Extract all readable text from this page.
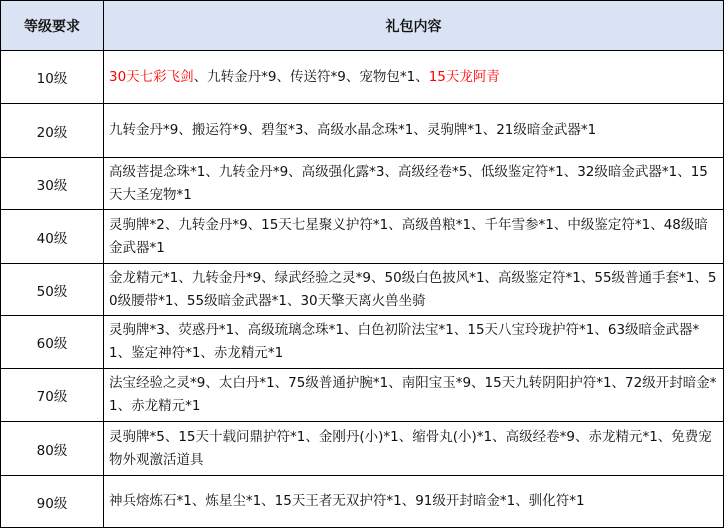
等级要求	礼包内容
10级	30天七彩飞剑、九转金丹*9、传送符*9、宠物包*1、15天龙阿青
20级	九转金丹*9、搬运符*9、碧玺*3、高级水晶念珠*1、灵驹牌*1、21级暗金武器*1
30级	高级菩提念珠*1、九转金丹*9、高级强化露*3、高级经卷*5、低级鉴定符*1、32级暗金武器*1、15天大圣宠物*1
40级	灵驹牌*2、九转金丹*9、15天七星聚义护符*1、高级兽粮*1、千年雪参*1、中级鉴定符*1、48级暗金武器*1
50级	金龙精元*1、九转金丹*9、绿武经验之灵*9、50级白色披风*1、高级鉴定符*1、55级普通手套*1、50级腰带*1、55级暗金武器*1、30天擎天离火兽坐骑
60级	灵驹牌*3、荧惑丹*1、高级琉璃念珠*1、白色初阶法宝*1、15天八宝玲珑护符*1、63级暗金武器*1、鉴定神符*1、赤龙精元*1
70级	法宝经验之灵*9、太白丹*1、75级普通护腕*1、南阳宝玉*9、15天九转阴阳护符*1、72级开封暗金*1、赤龙精元*1
80级	灵驹牌*5、15天十载问鼎护符*1、金刚丹(小)*1、缩骨丸(小)*1、高级经卷*9、赤龙精元*1、免费宠物外观激活道具
90级	神兵熔炼石*1、炼星尘*1、15天王者无双护符*1、91级开封暗金*1、驯化符*1
